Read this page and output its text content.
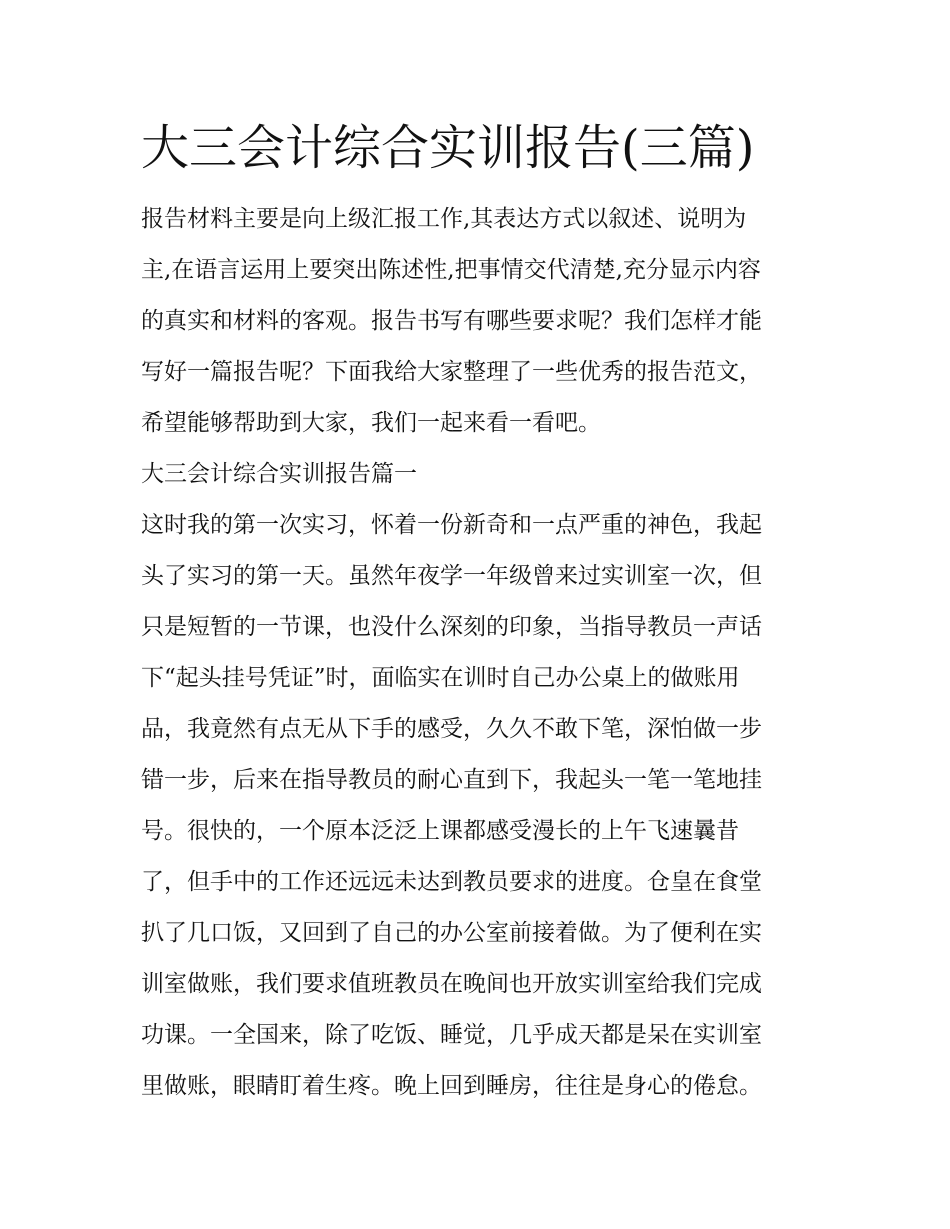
大三会计综合实训报告(三篇)

报告材料主要是向上级汇报工作,其表达方式以叙述、说明为

主,在语言运用上要突出陈述性,把事情交代清楚,充分显示内容

的真实和材料的客观。报告书写有哪些要求呢？我们怎样才能

写好一篇报告呢？下面我给大家整理了一些优秀的报告范文，

希望能够帮助到大家，我们一起来看一看吧。

大三会计综合实训报告篇一

这时我的第一次实习，怀着一份新奇和一点严重的神色，我起

头了实习的第一天。虽然年夜学一年级曾来过实训室一次，但

只是短暂的一节课，也没什么深刻的印象，当指导教员一声话

下“起头挂号凭证”时，面临实在训时自己办公桌上的做账用

品，我竟然有点无从下手的感受，久久不敢下笔，深怕做一步

错一步，后来在指导教员的耐心直到下，我起头一笔一笔地挂

号。很快的，一个原本泛泛上课都感受漫长的上午飞速曩昔

了，但手中的工作还远远未达到教员要求的进度。仓皇在食堂

扒了几口饭，又回到了自己的办公室前接着做。为了便利在实

训室做账，我们要求值班教员在晚间也开放实训室给我们完成

功课。一全国来，除了吃饭、睡觉，几乎成天都是呆在实训室

里做账，眼睛盯着生疼。晚上回到睡房，往往是身心的倦怠。
